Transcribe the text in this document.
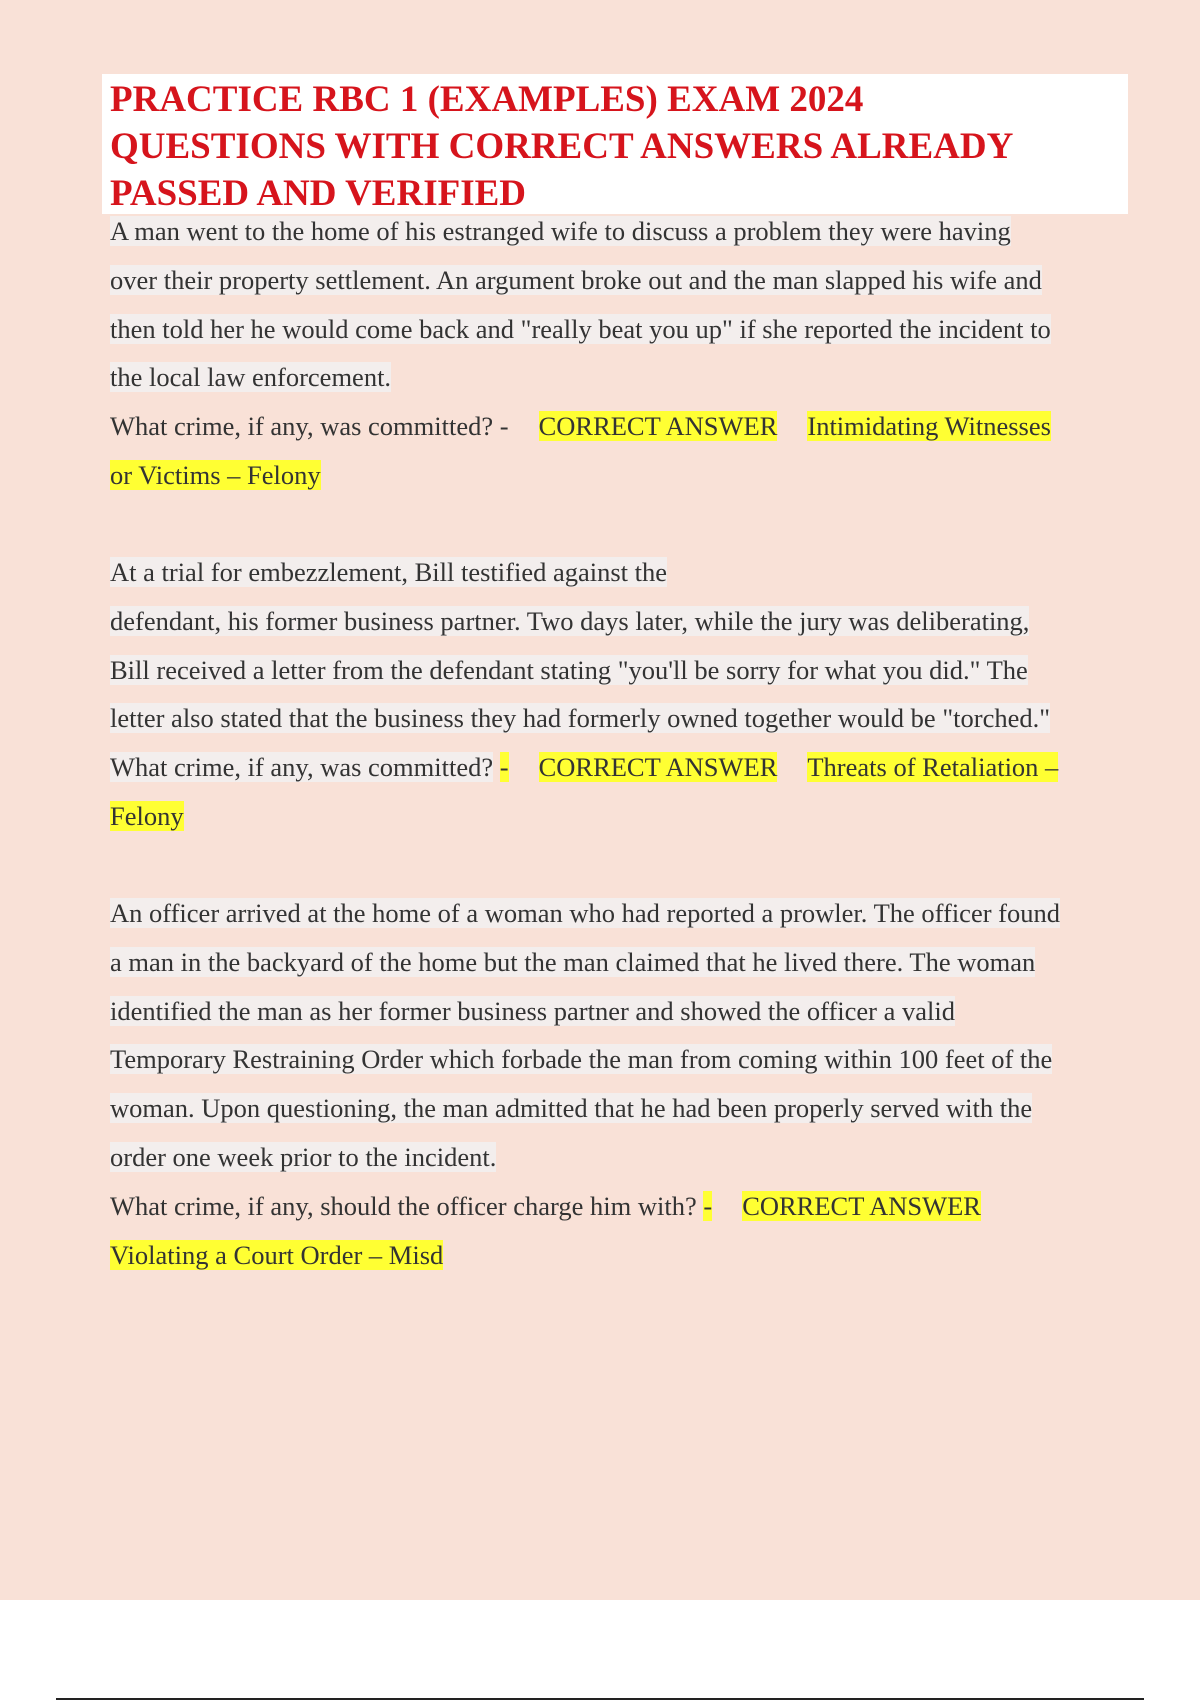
PRACTICE RBC 1 (EXAMPLES) EXAM 2024
QUESTIONS WITH CORRECT ANSWERS ALREADY
PASSED AND VERIFIED
A man went to the home of his estranged wife to discuss a problem they were having
over their property settlement. An argument broke out and the man slapped his wife and
then told her he would come back and "really beat you up" if she reported the incident to
the local law enforcement.
What crime, if any, was committed? - CORRECT ANSWER Intimidating Witnesses
or Victims – Felony
At a trial for embezzlement, Bill testified against the
defendant, his former business partner. Two days later, while the jury was deliberating,
Bill received a letter from the defendant stating "you'll be sorry for what you did." The
letter also stated that the business they had formerly owned together would be "torched."
What crime, if any, was committed? - CORRECT ANSWER Threats of Retaliation –
Felony
An officer arrived at the home of a woman who had reported a prowler. The officer found
a man in the backyard of the home but the man claimed that he lived there. The woman
identified the man as her former business partner and showed the officer a valid
Temporary Restraining Order which forbade the man from coming within 100 feet of the
woman. Upon questioning, the man admitted that he had been properly served with the
order one week prior to the incident.
What crime, if any, should the officer charge him with? - CORRECT ANSWER
Violating a Court Order – Misd
